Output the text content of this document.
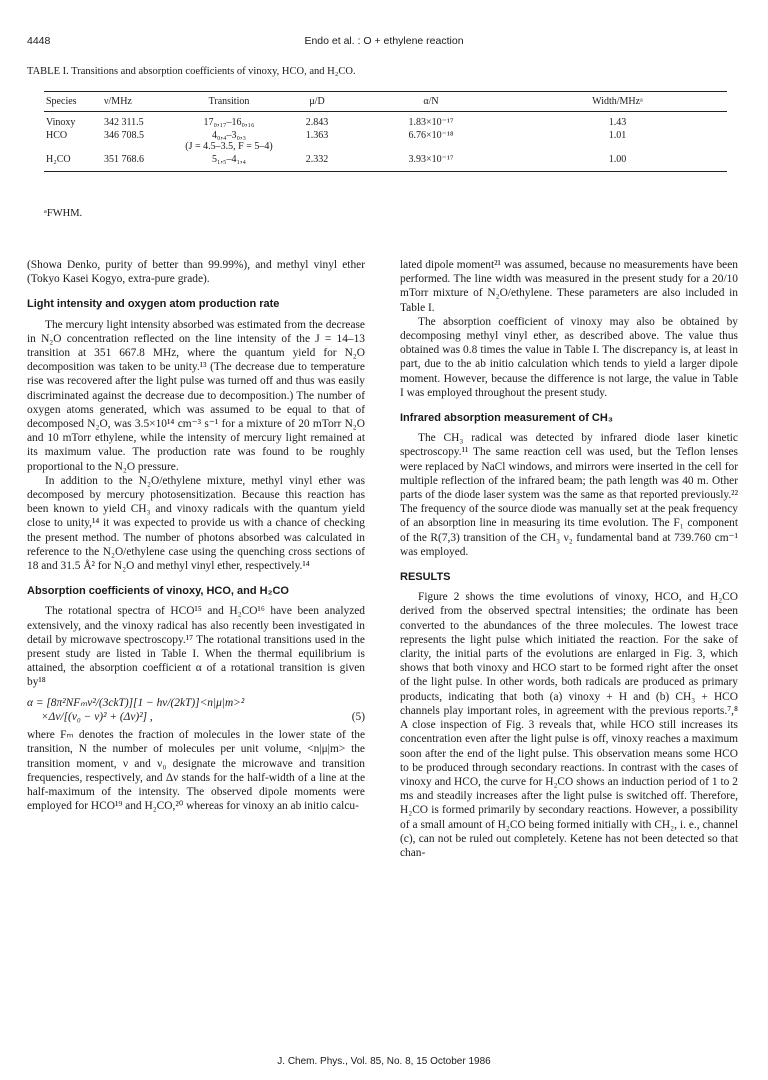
4448	Endo et al. : O + ethylene reaction
TABLE I. Transitions and absorption coefficients of vinoxy, HCO, and H₂CO.
Species	ν/MHz	Transition	μ/D	α/N	Width/MHzᵃ
Vinoxy	342 311.5	17₀,₁₇–16₀,₁₆	2.843	1.83×10⁻¹⁷	1.43
HCO	346 708.5	4₀,₄–3₀,₃
(J = 4.5–3.5, F = 5–4)	1.363	6.76×10⁻¹⁸	1.01
H₂CO	351 768.6	5₁,₅–4₁,₄	2.332	3.93×10⁻¹⁷	1.00
ᵃFWHM.

(Showa Denko, purity of better than 99.99%), and methyl vinyl ether (Tokyo Kasei Kogyo, extra-pure grade).

Light intensity and oxygen atom production rate

The mercury light intensity absorbed was estimated from the decrease in N₂O concentration reflected on the line intensity of the J = 14–13 transition at 351 667.8 MHz, where the quantum yield for N₂O decomposition was taken to be unity.¹³ (The decrease due to temperature rise was recovered after the light pulse was turned off and thus was easily discriminated against the decrease due to decomposition.) The number of oxygen atoms generated, which was assumed to be equal to that of decomposed N₂O, was 3.5×10¹⁴ cm⁻³ s⁻¹ for a mixture of 20 mTorr N₂O and 10 mTorr ethylene, while the intensity of mercury light remained at its maximum value. The production rate was found to be roughly proportional to the N₂O pressure.

In addition to the N₂O/ethylene mixture, methyl vinyl ether was decomposed by mercury photosensitization. Because this reaction has been known to yield CH₃ and vinoxy radicals with the quantum yield close to unity,¹⁴ it was expected to provide us with a chance of checking the present method. The number of photons absorbed was calculated in reference to the N₂O/ethylene case using the quenching cross sections of 18 and 31.5 Å² for N₂O and methyl vinyl ether, respectively.¹⁴

Absorption coefficients of vinoxy, HCO, and H₂CO

The rotational spectra of HCO¹⁵ and H₂CO¹⁶ have been analyzed extensively, and the vinoxy radical has also recently been investigated in detail by microwave spectroscopy.¹⁷ The rotational transitions used in the present study are listed in Table I. When the thermal equilibrium is attained, the absorption coefficient α of a rotational transition is given by¹⁸

α = [8π²NFₘν²/(3ckT)][1 − hν/(2kT)]<n|μ|m>²
(5)
×Δν/[(ν₀ − ν)² + (Δν)²] ,

where Fₘ denotes the fraction of molecules in the lower state of the transition, N the number of molecules per unit volume, <n|μ|m> the transition moment, ν and ν₀ designate the microwave and transition frequencies, respectively, and Δν stands for the half-width of a line at the half-maximum of the intensity. The observed dipole moments were employed for HCO¹⁹ and H₂CO,²⁰ whereas for vinoxy an ab initio calcu-

lated dipole moment²¹ was assumed, because no measurements have been performed. The line width was measured in the present study for a 20/10 mTorr mixture of N₂O/ethylene. These parameters are also included in Table I.

The absorption coefficient of vinoxy may also be obtained by decomposing methyl vinyl ether, as described above. The value thus obtained was 0.8 times the value in Table I. The discrepancy is, at least in part, due to the ab initio calculation which tends to yield a larger dipole moment. However, because the difference is not large, the value in Table I was employed throughout the present study.

Infrared absorption measurement of CH₃

The CH₃ radical was detected by infrared diode laser kinetic spectroscopy.¹¹ The same reaction cell was used, but the Teflon lenses were replaced by NaCl windows, and mirrors were inserted in the cell for multiple reflection of the infrared beam; the path length was 40 m. Other parts of the diode laser system was the same as that reported previously.²² The frequency of the source diode was manually set at the peak frequency of an absorption line in measuring its time evolution. The F₁ component of the R(7,3) transition of the CH₃ ν₂ fundamental band at 739.760 cm⁻¹ was employed.

RESULTS

Figure 2 shows the time evolutions of vinoxy, HCO, and H₂CO derived from the observed spectral intensities; the ordinate has been converted to the abundances of the three molecules. The lowest trace represents the light pulse which initiated the reaction. For the sake of clarity, the initial parts of the evolutions are enlarged in Fig. 3, which shows that both vinoxy and HCO start to be formed right after the onset of the light pulse. In other words, both radicals are produced as primary products, indicating that both (a) vinoxy + H and (b) CH₃ + HCO channels play important roles, in agreement with the previous reports.⁷,⁸ A close inspection of Fig. 3 reveals that, while HCO still increases its concentration even after the light pulse is off, vinoxy reaches a maximum soon after the end of the light pulse. This observation means some HCO to be produced through secondary reactions. In contrast with the cases of vinoxy and HCO, the curve for H₂CO shows an induction period of 1 to 2 ms and steadily increases after the light pulse is switched off. Therefore, H₂CO is formed primarily by secondary reactions. However, a possibility of a small amount of H₂CO being formed initially with CH₂, i. e., channel (c), can not be ruled out completely. Ketene has not been detected so that chan-

J. Chem. Phys., Vol. 85, No. 8, 15 October 1986
